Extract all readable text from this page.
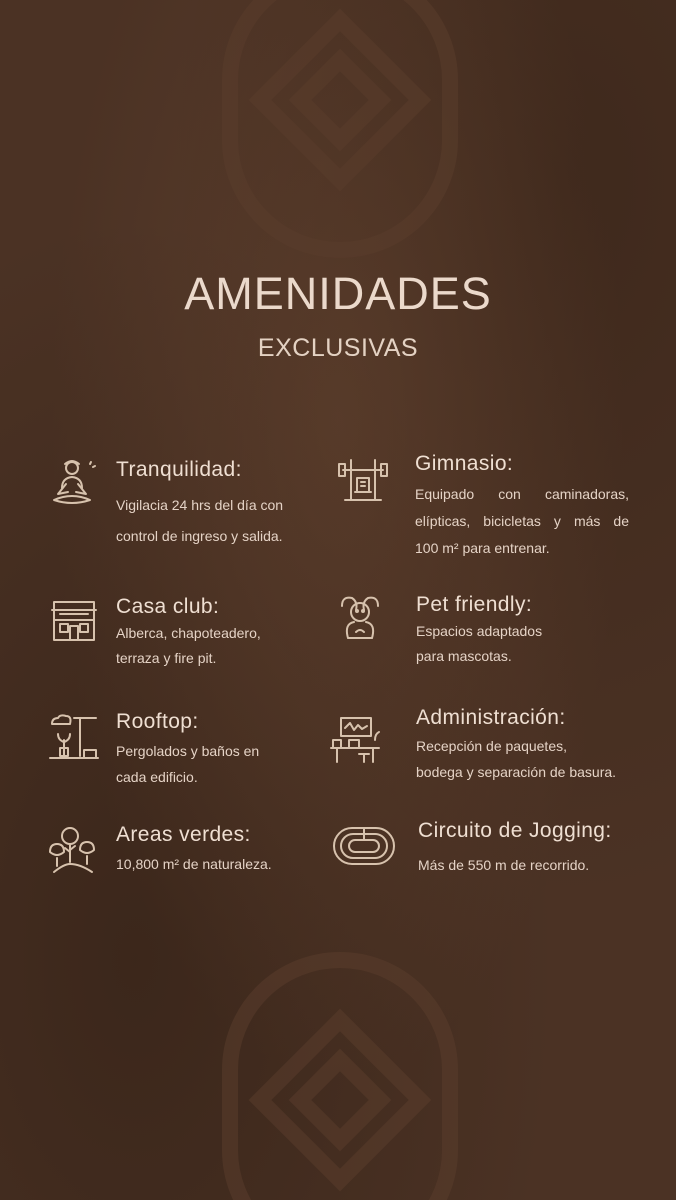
AMENIDADES
EXCLUSIVAS
Tranquilidad:
Vigilacia 24 hrs del día con
control de ingreso y salida.
Gimnasio:
Equipado con caminadoras,
elípticas, bicicletas y más de
100 m² para entrenar.
Casa club:
Alberca, chapoteadero,
terraza y fire pit.
Pet friendly:
Espacios adaptados
para mascotas.
Rooftop:
Pergolados y baños en
cada edificio.
Administración:
Recepción de paquetes,
bodega y separación de basura.
Areas verdes:
10,800 m² de naturaleza.
Circuito de Jogging:
Más de 550 m de recorrido.
